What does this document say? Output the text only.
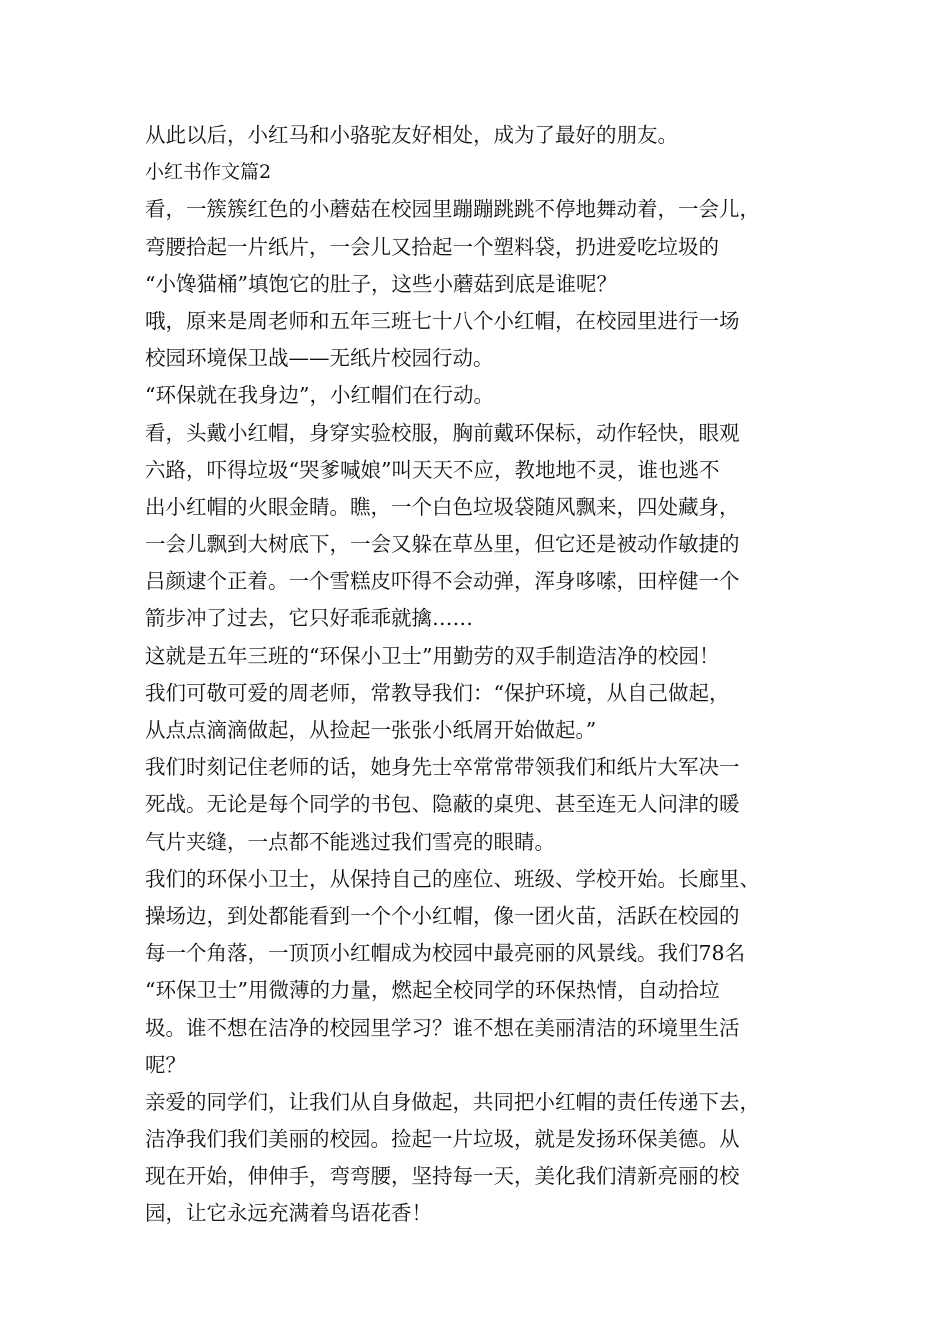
从此以后，小红马和小骆驼友好相处，成为了最好的朋友。
小红书作文篇2
看，一簇簇红色的小蘑菇在校园里蹦蹦跳跳不停地舞动着，一会儿，
弯腰拾起一片纸片，一会儿又拾起一个塑料袋，扔进爱吃垃圾的
“小馋猫桶”填饱它的肚子，这些小蘑菇到底是谁呢？
哦，原来是周老师和五年三班七十八个小红帽，在校园里进行一场
校园环境保卫战——无纸片校园行动。
“环保就在我身边”，小红帽们在行动。
看，头戴小红帽，身穿实验校服，胸前戴环保标，动作轻快，眼观
六路，吓得垃圾“哭爹喊娘”叫天天不应，教地地不灵，谁也逃不
出小红帽的火眼金睛。瞧，一个白色垃圾袋随风飘来，四处藏身，
一会儿飘到大树底下，一会又躲在草丛里，但它还是被动作敏捷的
吕颜逮个正着。一个雪糕皮吓得不会动弹，浑身哆嗦，田梓健一个
箭步冲了过去，它只好乖乖就擒……
这就是五年三班的“环保小卫士”用勤劳的双手制造洁净的校园！
我们可敬可爱的周老师，常教导我们：“保护环境，从自己做起，
从点点滴滴做起，从捡起一张张小纸屑开始做起。”
我们时刻记住老师的话，她身先士卒常常带领我们和纸片大军决一
死战。无论是每个同学的书包、隐蔽的桌兜、甚至连无人问津的暖
气片夹缝，一点都不能逃过我们雪亮的眼睛。
我们的环保小卫士，从保持自己的座位、班级、学校开始。长廊里、
操场边，到处都能看到一个个小红帽，像一团火苗，活跃在校园的
每一个角落，一顶顶小红帽成为校园中最亮丽的风景线。我们78名
“环保卫士”用微薄的力量，燃起全校同学的环保热情，自动拾垃
圾。谁不想在洁净的校园里学习？谁不想在美丽清洁的环境里生活
呢？
亲爱的同学们，让我们从自身做起，共同把小红帽的责任传递下去，
洁净我们我们美丽的校园。捡起一片垃圾，就是发扬环保美德。从
现在开始，伸伸手，弯弯腰，坚持每一天，美化我们清新亮丽的校
园，让它永远充满着鸟语花香！
